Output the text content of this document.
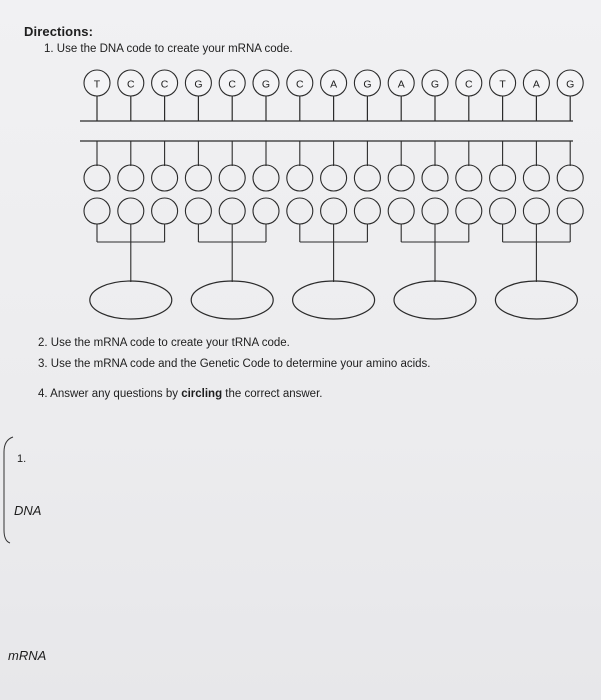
Directions:
1. Use the DNA code to create your mRNA code.
T	C C G C G C	A G A G C	T	A G
2. Use the mRNA code to create your tRNA code.
3. Use the mRNA code and the Genetic Code to determine your amino acids.
4. Answer any questions by circling the correct answer.
1.
DNA
mRNA
